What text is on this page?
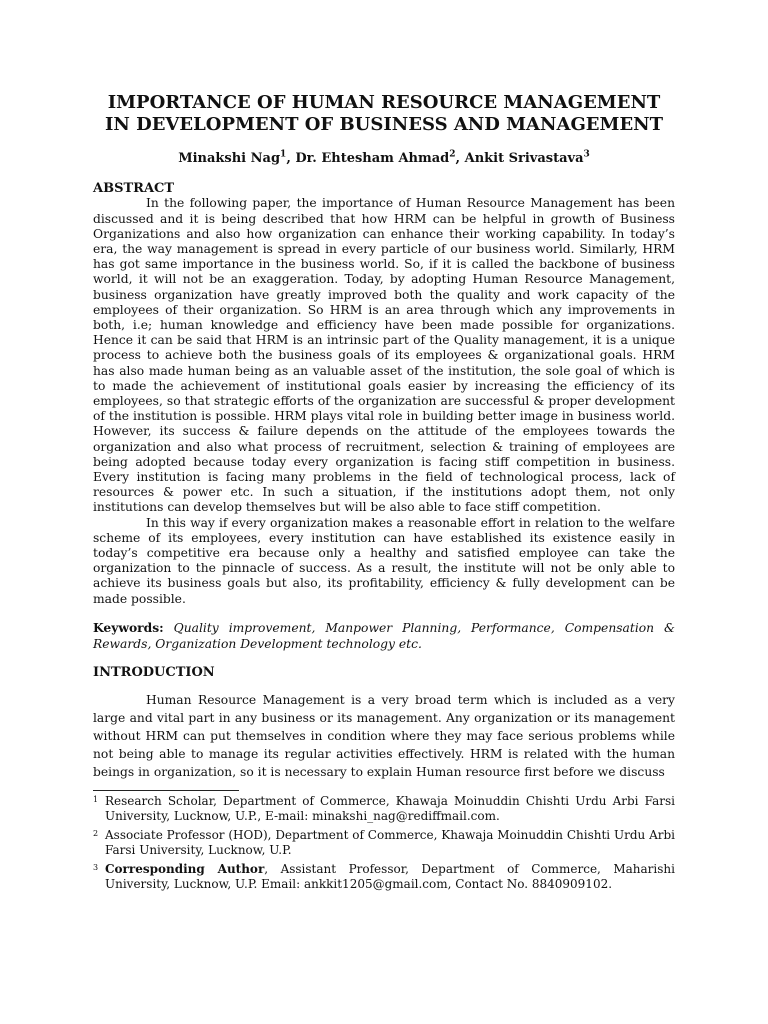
IMPORTANCE OF HUMAN RESOURCE MANAGEMENT IN DEVELOPMENT OF BUSINESS AND MANAGEMENT
Minakshi Nag$^1$, Dr. Ehtesham Ahmad$^2$, Ankit Srivastava$^3$
ABSTRACT

In the following paper, the importance of Human Resource Management has been discussed and it is being described that how HRM can be helpful in growth of Business Organizations and also how organization can enhance their working capability. In today’s era, the way management is spread in every particle of our business world. Similarly, HRM has got same importance in the business world. So, if it is called the backbone of business world, it will not be an exaggeration. Today, by adopting Human Resource Management, business organization have greatly improved both the quality and work capacity of the employees of their organization. So HRM is an area through which any improvements in both, i.e; human knowledge and efficiency have been made possible for organizations. Hence it can be said that HRM is an intrinsic part of the Quality management, it is a unique process to achieve both the business goals of its employees & organizational goals. HRM has also made human being as an valuable asset of the institution, the sole goal of which is to made the achievement of institutional goals easier by increasing the efficiency of its employees, so that strategic efforts of the organization are successful & proper development of the institution is possible. HRM plays vital role in building better image in business world. However, its success & failure depends on the attitude of the employees towards the organization and also what process of recruitment, selection & training of employees are being adopted because today every organization is facing stiff competition in business. Every institution is facing many problems in the field of technological process, lack of resources & power etc. In such a situation, if the institutions adopt them, not only institutions can develop themselves but will be also able to face stiff competition.

In this way if every organization makes a reasonable effort in relation to the welfare scheme of its employees, every institution can have established its existence easily in today’s competitive era because only a healthy and satisfied employee can take the organization to the pinnacle of success. As a result, the institute will not be only able to achieve its business goals but also, its profitability, efficiency & fully development can be made possible.

Keywords: Quality improvement, Manpower Planning, Performance, Compensation & Rewards, Organization Development technology etc.
INTRODUCTION

Human Resource Management is a very broad term which is included as a very large and vital part in any business or its management. Any organization or its management without HRM can put themselves in condition where they may face serious problems while not being able to manage its regular activities effectively. HRM is related with the human beings in organization, so it is necessary to explain Human resource first before we discuss

1 Research Scholar, Department of Commerce, Khawaja Moinuddin Chishti Urdu Arbi Farsi University, Lucknow, U.P., E-mail: minakshi_nag@rediffmail.com.
2 Associate Professor (HOD), Department of Commerce, Khawaja Moinuddin Chishti Urdu Arbi Farsi University, Lucknow, U.P.
3 Corresponding Author, Assistant Professor, Department of Commerce, Maharishi University, Lucknow, U.P. Email: ankkit1205@gmail.com, Contact No. 8840909102.
